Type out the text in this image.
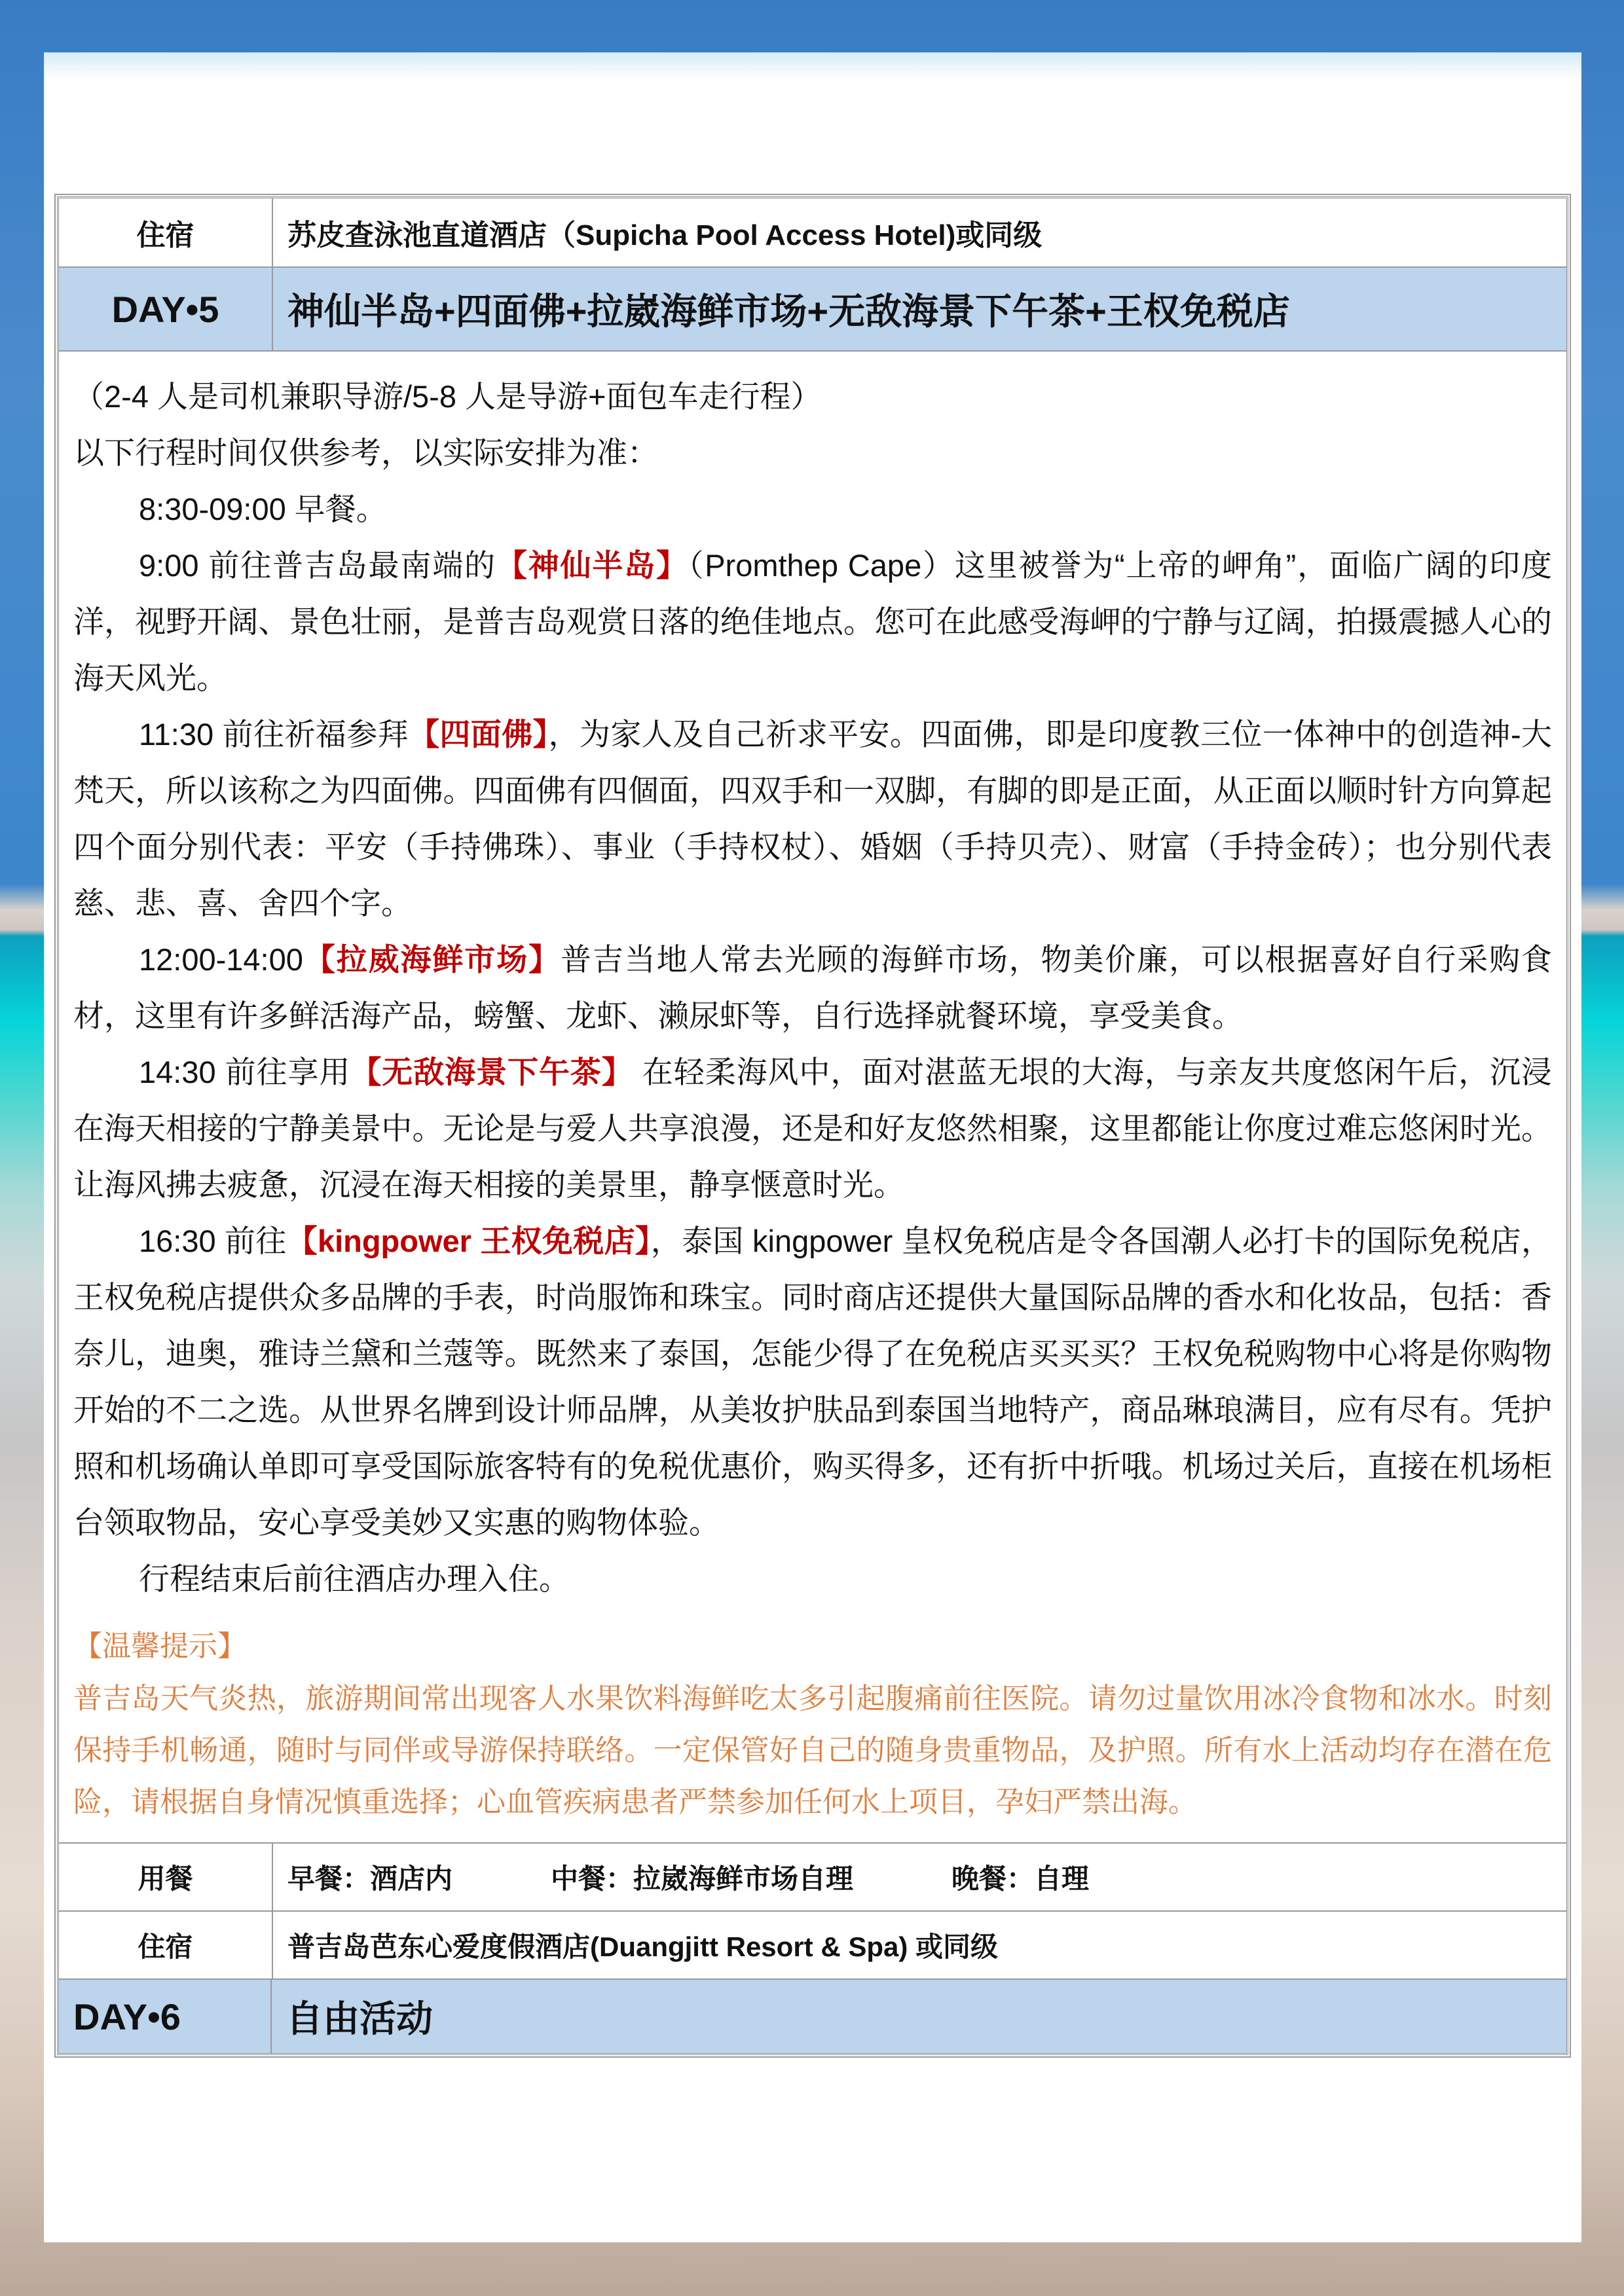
住宿	苏皮查泳池直道酒店（Supicha Pool Access Hotel)或同级
DAY•5	神仙半岛+四面佛+拉崴海鲜市场+无敌海景下午茶+王权免税店

（2-4 人是司机兼职导游/5-8 人是导游+面包车走行程）

以下行程时间仅供参考，以实际安排为准：

8:30-09:00 早餐。

9:00 前往普吉岛最南端的【神仙半岛】（Promthep Cape）这里被誉为“上帝的岬角”，面临广阔的印度洋，视野开阔、景色壮丽，是普吉岛观赏日落的绝佳地点。您可在此感受海岬的宁静与辽阔，拍摄震撼人心的海天风光。

11:30 前往祈福参拜【四面佛】，为家人及自己祈求平安。四面佛，即是印度教三位一体神中的创造神-大梵天，所以该称之为四面佛。四面佛有四個面，四双手和一双脚，有脚的即是正面，从正面以顺时针方向算起四个面分别代表：平安（手持佛珠）、事业（手持权杖）、婚姻（手持贝壳）、财富（手持金砖）；也分别代表慈、悲、喜、舍四个字。

12:00-14:00【拉威海鲜市场】普吉当地人常去光顾的海鲜市场，物美价廉，可以根据喜好自行采购食材，这里有许多鲜活海产品，螃蟹、龙虾、濑尿虾等，自行选择就餐环境，享受美食。

14:30 前往享用【无敌海景下午茶】 在轻柔海风中，面对湛蓝无垠的大海，与亲友共度悠闲午后，沉浸在海天相接的宁静美景中。无论是与爱人共享浪漫，还是和好友悠然相聚，这里都能让你度过难忘悠闲时光。让海风拂去疲惫，沉浸在海天相接的美景里，静享惬意时光。

16:30 前往【kingpower 王权免税店】，泰国 kingpower 皇权免税店是令各国潮人必打卡的国际免税店， 王权免税店提供众多品牌的手表，时尚服饰和珠宝。同时商店还提供大量国际品牌的香水和化妆品，包括：香奈儿，迪奥，雅诗兰黛和兰蔻等。既然来了泰国，怎能少得了在免税店买买买？王权免税购物中心将是你购物开始的不二之选。从世界名牌到设计师品牌，从美妆护肤品到泰国当地特产，商品琳琅满目，应有尽有。凭护照和机场确认单即可享受国际旅客特有的免税优惠价，购买得多，还有折中折哦。机场过关后，直接在机场柜台领取物品，安心享受美妙又实惠的购物体验。

行程结束后前往酒店办理入住。

【温馨提示】
普吉岛天气炎热，旅游期间常出现客人水果饮料海鲜吃太多引起腹痛前往医院。请勿过量饮用冰冷食物和冰水。时刻保持手机畅通，随时与同伴或导游保持联络。一定保管好自己的随身贵重物品，及护照。所有水上活动均存在潜在危险，请根据自身情况慎重选择；心血管疾病患者严禁参加任何水上项目，孕妇严禁出海。
用餐	早餐：酒店内	中餐：拉崴海鲜市场自理	晚餐：自理
住宿	普吉岛芭东心爱度假酒店(Duangjitt Resort & Spa) 或同级
DAY•6	自由活动
